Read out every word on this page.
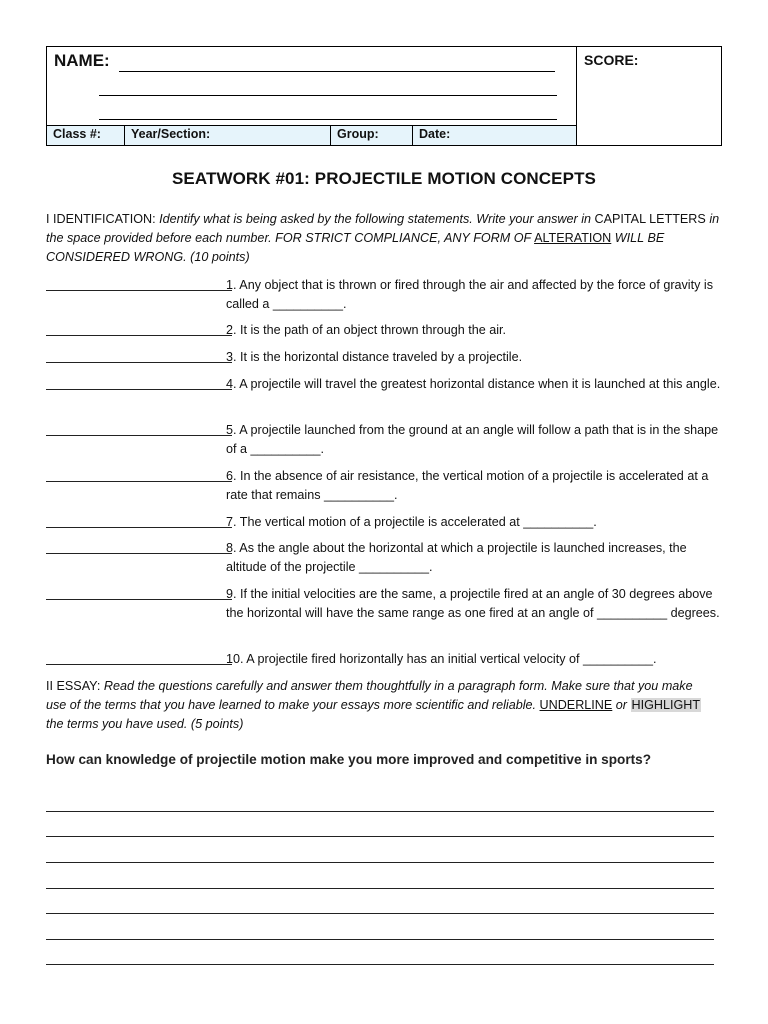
NAME:	SCORE:
Class #:	Year/Section:	Group:	Date:
SEATWORK #01: PROJECTILE MOTION CONCEPTS
I IDENTIFICATION: Identify what is being asked by the following statements. Write your answer in CAPITAL LETTERS in the space provided before each number. FOR STRICT COMPLIANCE, ANY FORM OF ALTERATION WILL BE CONSIDERED WRONG. (10 points)
1. Any object that is thrown or fired through the air and affected by the force of gravity is called a __________.
2. It is the path of an object thrown through the air.
3. It is the horizontal distance traveled by a projectile.
4. A projectile will travel the greatest horizontal distance when it is launched at this angle.
5. A projectile launched from the ground at an angle will follow a path that is in the shape of a __________.
6. In the absence of air resistance, the vertical motion of a projectile is accelerated at a rate that remains __________.
7. The vertical motion of a projectile is accelerated at __________.
8. As the angle about the horizontal at which a projectile is launched increases, the altitude of the projectile __________.
9. If the initial velocities are the same, a projectile fired at an angle of 30 degrees above the horizontal will have the same range as one fired at an angle of __________ degrees.
10. A projectile fired horizontally has an initial vertical velocity of __________.
II ESSAY: Read the questions carefully and answer them thoughtfully in a paragraph form. Make sure that you make use of the terms that you have learned to make your essays more scientific and reliable. UNDERLINE or HIGHLIGHT the terms you have used. (5 points)
How can knowledge of projectile motion make you more improved and competitive in sports?
